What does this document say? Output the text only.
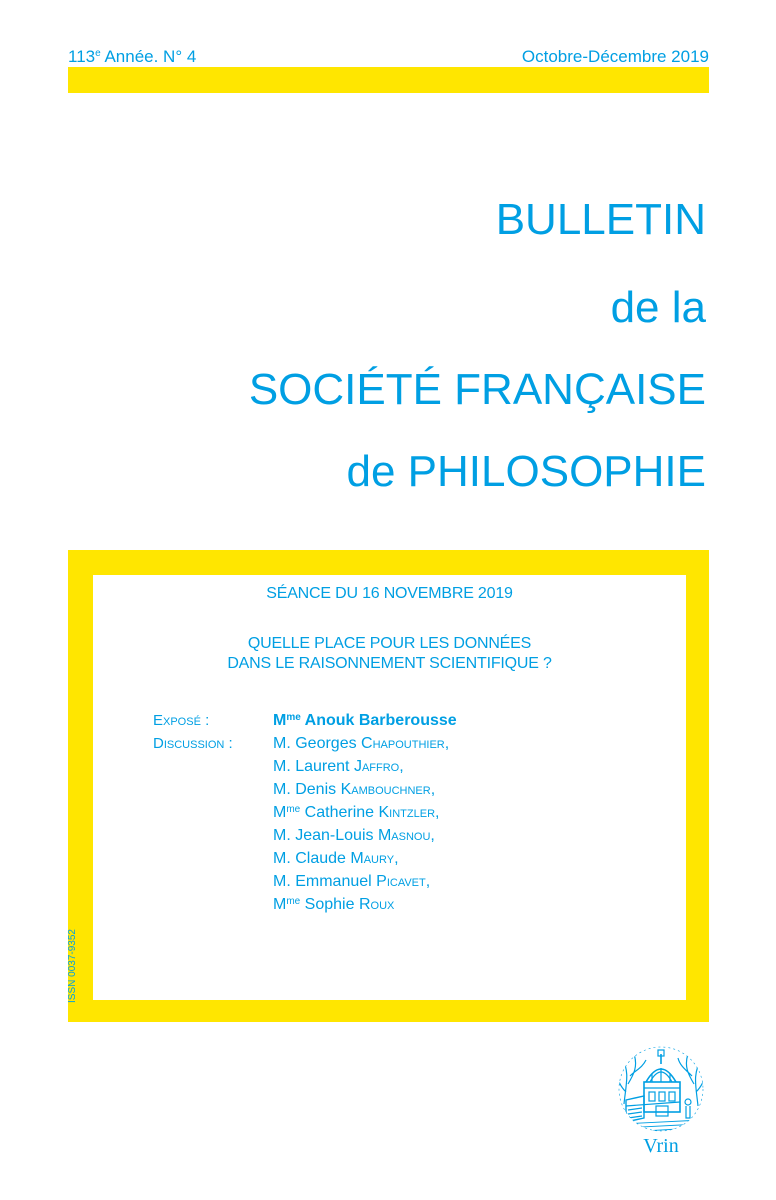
113e Année. N° 4	Octobre-Décembre 2019
BULLETIN
de la
SOCIÉTÉ FRANÇAISE
de PHILOSOPHIE
SÉANCE DU 16 NOVEMBRE 2019
QUELLE PLACE POUR LES DONNÉES
DANS LE RAISONNEMENT SCIENTIFIQUE ?
Exposé :
Discussion :
$M^{me}$ Anouk Barberousse
M. Georges Chapouthier,
M. Laurent Jaffro,
M. Denis Kambouchner,
$M^{me}$ Catherine Kintzler,
M. Jean-Louis Masnou,
M. Claude Maury,
M. Emmanuel Picavet,
$M^{me}$ Sophie Roux
ISSN 0037-9352
Vrin
